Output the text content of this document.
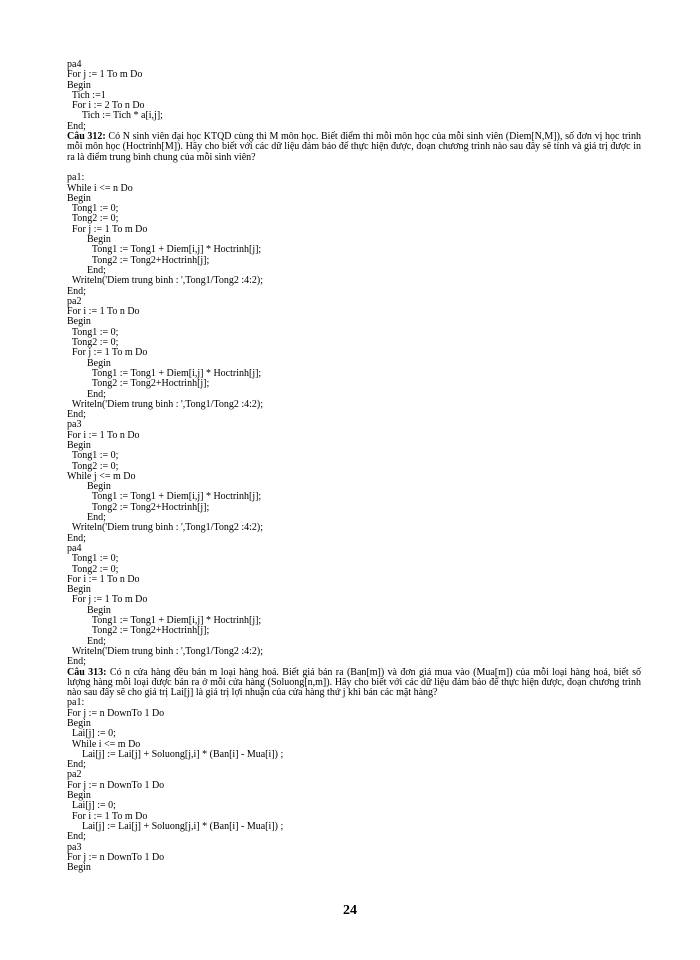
pa4
For j := 1 To m Do
Begin
Tich :=1
For i := 2 To n Do
Tich := Tich * a[i,j];
End;

Câu 312: Có N sinh viên đại học KTQD cùng thi M môn học. Biết điểm thi mỗi môn học của mỗi sinh viên (Diem[N,M]), số đơn vị học trình mỗi môn học (Hoctrinh[M]). Hãy cho biết với các dữ liệu đảm bảo để thực hiện được, đoạn chương trình nào sau đây sẽ tính và giá trị được in ra là điểm trung bình chung của mỗi sinh viên?

pa1:
While i <= n Do
Begin
Tong1 := 0;
Tong2 := 0;
For j := 1 To m Do
Begin
Tong1 := Tong1 + Diem[i,j] * Hoctrinh[j];
Tong2 := Tong2+Hoctrinh[j];
End;
Writeln('Diem trung binh : ',Tong1/Tong2 :4:2);
End;
pa2
For i := 1 To n Do
Begin
Tong1 := 0;
Tong2 := 0;
For j := 1 To m Do
Begin
Tong1 := Tong1 + Diem[i,j] * Hoctrinh[j];
Tong2 := Tong2+Hoctrinh[j];
End;
Writeln('Diem trung binh : ',Tong1/Tong2 :4:2);
End;
pa3
For i := 1 To n Do
Begin
Tong1 := 0;
Tong2 := 0;
While j <= m Do
Begin
Tong1 := Tong1 + Diem[i,j] * Hoctrinh[j];
Tong2 := Tong2+Hoctrinh[j];
End;
Writeln('Diem trung binh : ',Tong1/Tong2 :4:2);
End;
pa4
Tong1 := 0;
Tong2 := 0;
For i := 1 To n Do
Begin
For j := 1 To m Do
Begin
Tong1 := Tong1 + Diem[i,j] * Hoctrinh[j];
Tong2 := Tong2+Hoctrinh[j];
End;
Writeln('Diem trung binh : ',Tong1/Tong2 :4:2);
End;

Câu 313: Có n cửa hàng đều bán m loại hàng hoá. Biết giá bán ra (Ban[m]) và đơn giá mua vào (Mua[m]) của mỗi loại hàng hoá, biết số lượng hàng mỗi loại được bán ra ở mỗi cửa hàng (Soluong[n,m]). Hãy cho biết với các dữ liệu đảm bảo để thực hiện được, đoạn chương trình nào sau đây sẽ cho giá trị Lai[j] là giá trị lợi nhuận của cửa hàng thứ j khi bán các mặt hàng?

pa1:
For j := n DownTo 1 Do
Begin
Lai[j] := 0;
While i <= m Do
Lai[j] := Lai[j] + Soluong[j,i] * (Ban[i] - Mua[i]) ;
End;
pa2
For j := n DownTo 1 Do
Begin
Lai[j] := 0;
For i := 1 To m Do
Lai[j] := Lai[j] + Soluong[j,i] * (Ban[i] - Mua[i]) ;
End;
pa3
For j := n DownTo 1 Do
Begin
24
